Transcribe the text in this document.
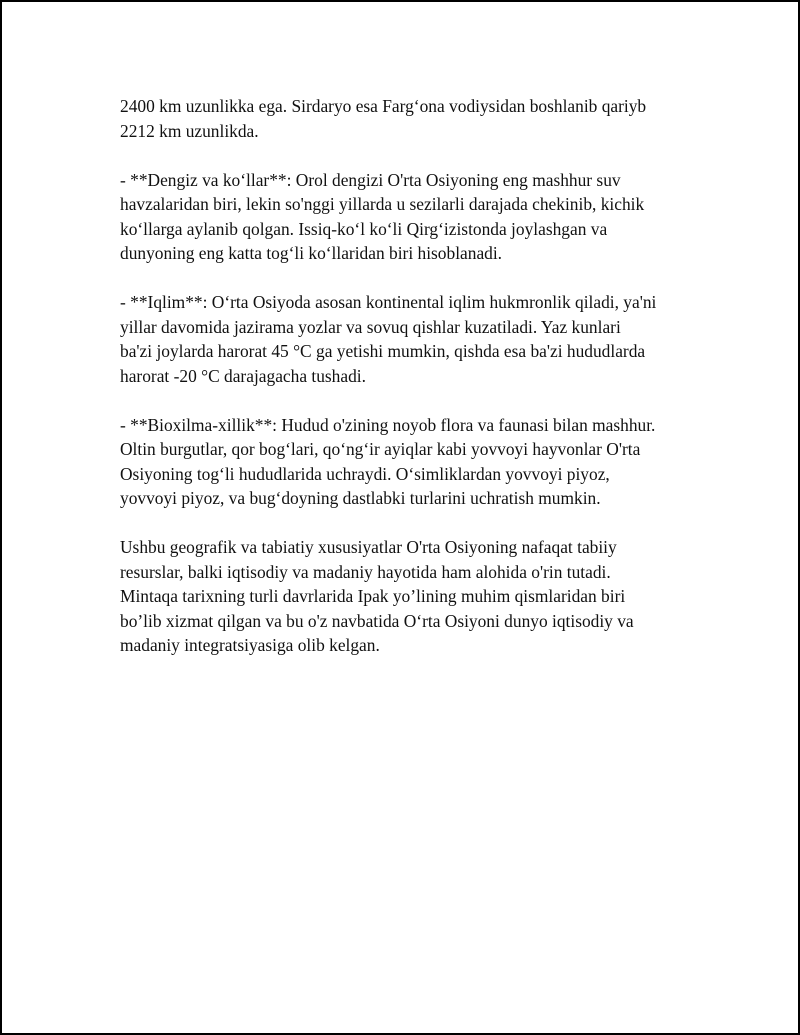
2400 km uzunlikka ega. Sirdaryo esa Farg‘ona vodiysidan boshlanib qariyb
2212 km uzunlikda.

- **Dengiz va ko‘llar**: Orol dengizi O'rta Osiyoning eng mashhur suv
havzalaridan biri, lekin so'nggi yillarda u sezilarli darajada chekinib, kichik
ko‘llarga aylanib qolgan. Issiq-ko‘l ko‘li Qirg‘izistonda joylashgan va
dunyoning eng katta tog‘li ko‘llaridan biri hisoblanadi.

- **Iqlim**: O‘rta Osiyoda asosan kontinental iqlim hukmronlik qiladi, ya'ni
yillar davomida jazirama yozlar va sovuq qishlar kuzatiladi. Yaz kunlari
ba'zi joylarda harorat 45 °C ga yetishi mumkin, qishda esa ba'zi hududlarda
harorat -20 °C darajagacha tushadi.

- **Bioxilma-xillik**: Hudud o'zining noyob flora va faunasi bilan mashhur.
Oltin burgutlar, qor bog‘lari, qo‘ng‘ir ayiqlar kabi yovvoyi hayvonlar O'rta
Osiyoning tog‘li hududlarida uchraydi. O‘simliklardan yovvoyi piyoz,
yovvoyi piyoz, va bug‘doyning dastlabki turlarini uchratish mumkin.

Ushbu geografik va tabiatiy xususiyatlar O'rta Osiyoning nafaqat tabiiy
resurslar, balki iqtisodiy va madaniy hayotida ham alohida o'rin tutadi.
Mintaqa tarixning turli davrlarida Ipak yo’lining muhim qismlaridan biri
bo’lib xizmat qilgan va bu o'z navbatida O‘rta Osiyoni dunyo iqtisodiy va
madaniy integratsiyasiga olib kelgan.
